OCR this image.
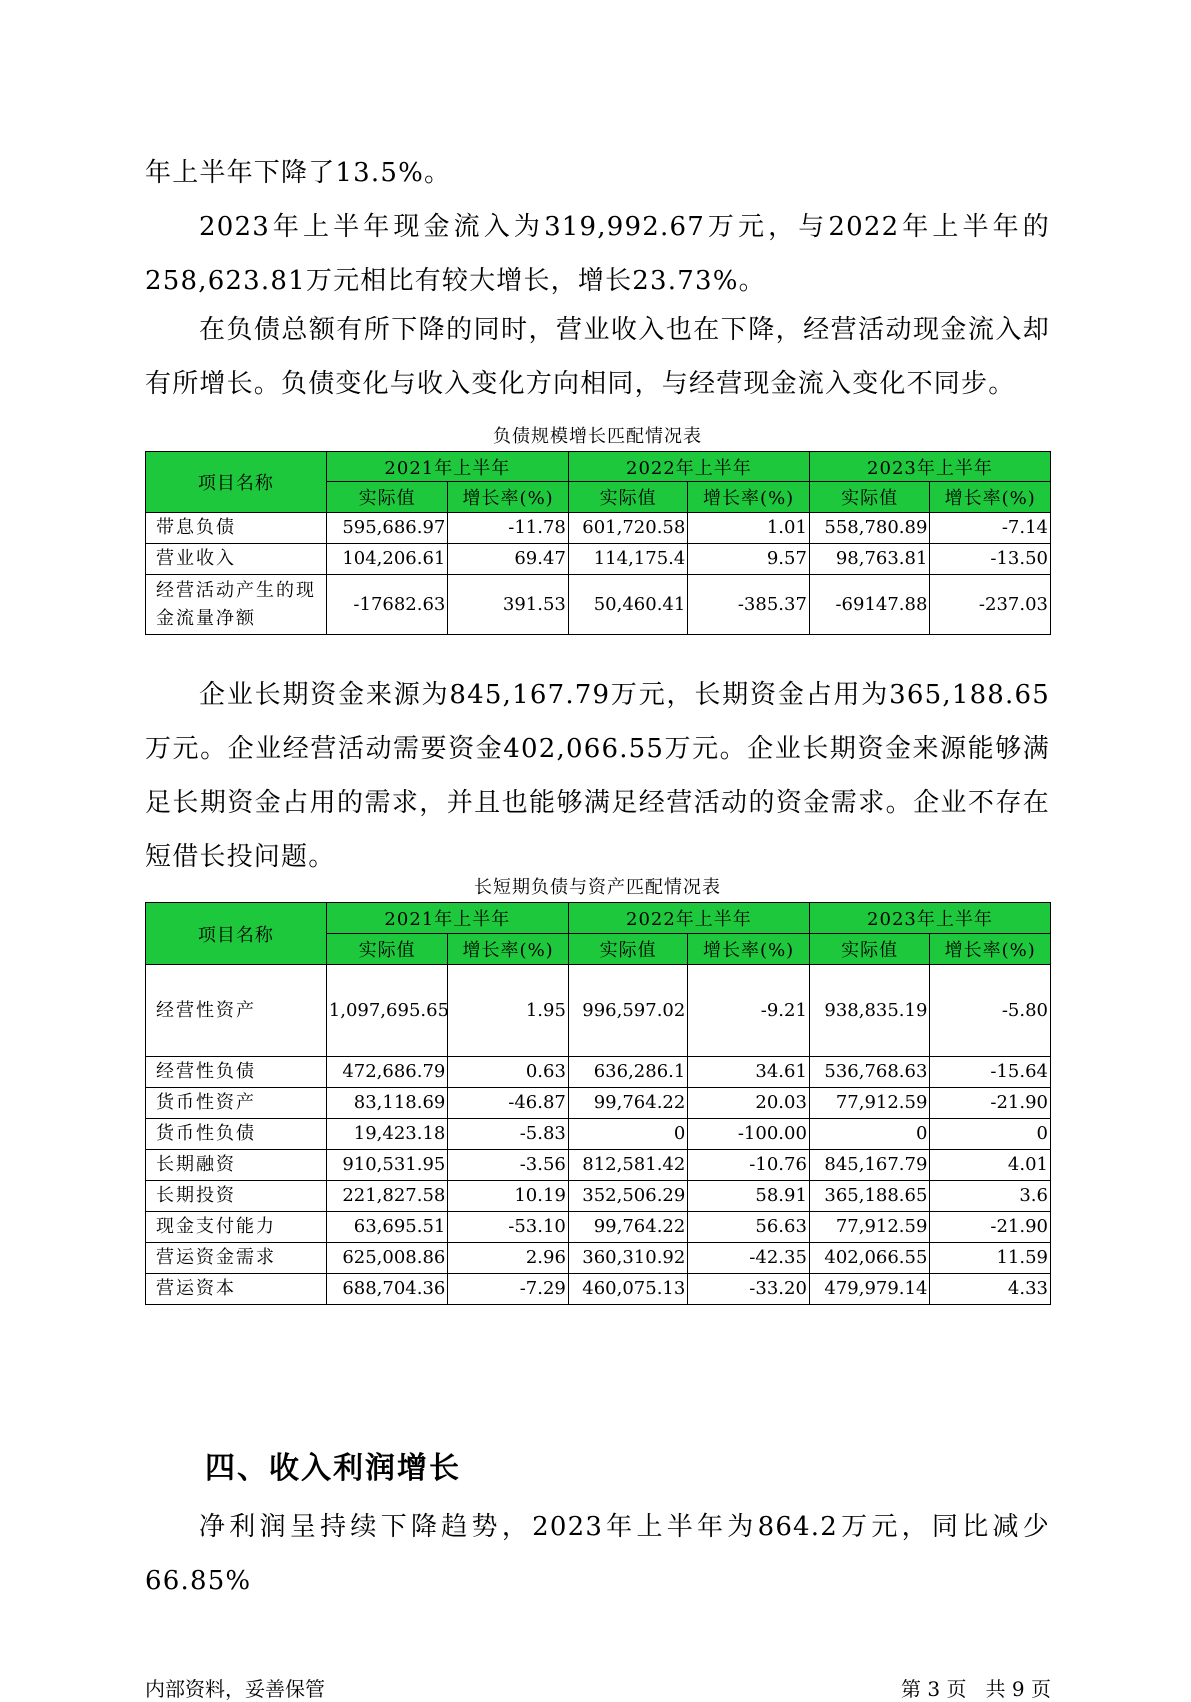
年上半年下降了13.5%。

2023年上半年现金流入为319,992.67万元，与2022年上半年的258,623.81万元相比有较大增长，增长23.73%。

在负债总额有所下降的同时，营业收入也在下降，经营活动现金流入却有所增长。负债变化与收入变化方向相同，与经营现金流入变化不同步。

负债规模增长匹配情况表
项目名称	2021年上半年		2022年上半年		2023年上半年	
	实际值	增长率(%)	实际值	增长率(%)	实际值	增长率(%)
带息负债	595,686.97	-11.78	601,720.58	1.01	558,780.89	-7.14
营业收入	104,206.61	69.47	114,175.4	9.57	98,763.81	-13.50
经营活动产生的现金流量净额	-17682.63	391.53	50,460.41	-385.37	-69147.88	-237.03

企业长期资金来源为845,167.79万元，长期资金占用为365,188.65万元。企业经营活动需要资金402,066.55万元。企业长期资金来源能够满足长期资金占用的需求，并且也能够满足经营活动的资金需求。企业不存在短借长投问题。

长短期负债与资产匹配情况表
项目名称	2021年上半年		2022年上半年		2023年上半年	
	实际值	增长率(%)	实际值	增长率(%)	实际值	增长率(%)
经营性资产	1,097,695.65	1.95	996,597.02	-9.21	938,835.19	-5.80
经营性负债	472,686.79	0.63	636,286.1	34.61	536,768.63	-15.64
货币性资产	83,118.69	-46.87	99,764.22	20.03	77,912.59	-21.90
货币性负债	19,423.18	-5.83	0	-100.00	0	0
长期融资	910,531.95	-3.56	812,581.42	-10.76	845,167.79	4.01
长期投资	221,827.58	10.19	352,506.29	58.91	365,188.65	3.6
现金支付能力	63,695.51	-53.10	99,764.22	56.63	77,912.59	-21.90
营运资金需求	625,008.86	2.96	360,310.92	-42.35	402,066.55	11.59
营运资本	688,704.36	-7.29	460,075.13	-33.20	479,979.14	4.33
四、收入利润增长

净利润呈持续下降趋势，2023年上半年为864.2万元，同比减少66.85%

内部资料，妥善保管	第 3 页   共 9 页
